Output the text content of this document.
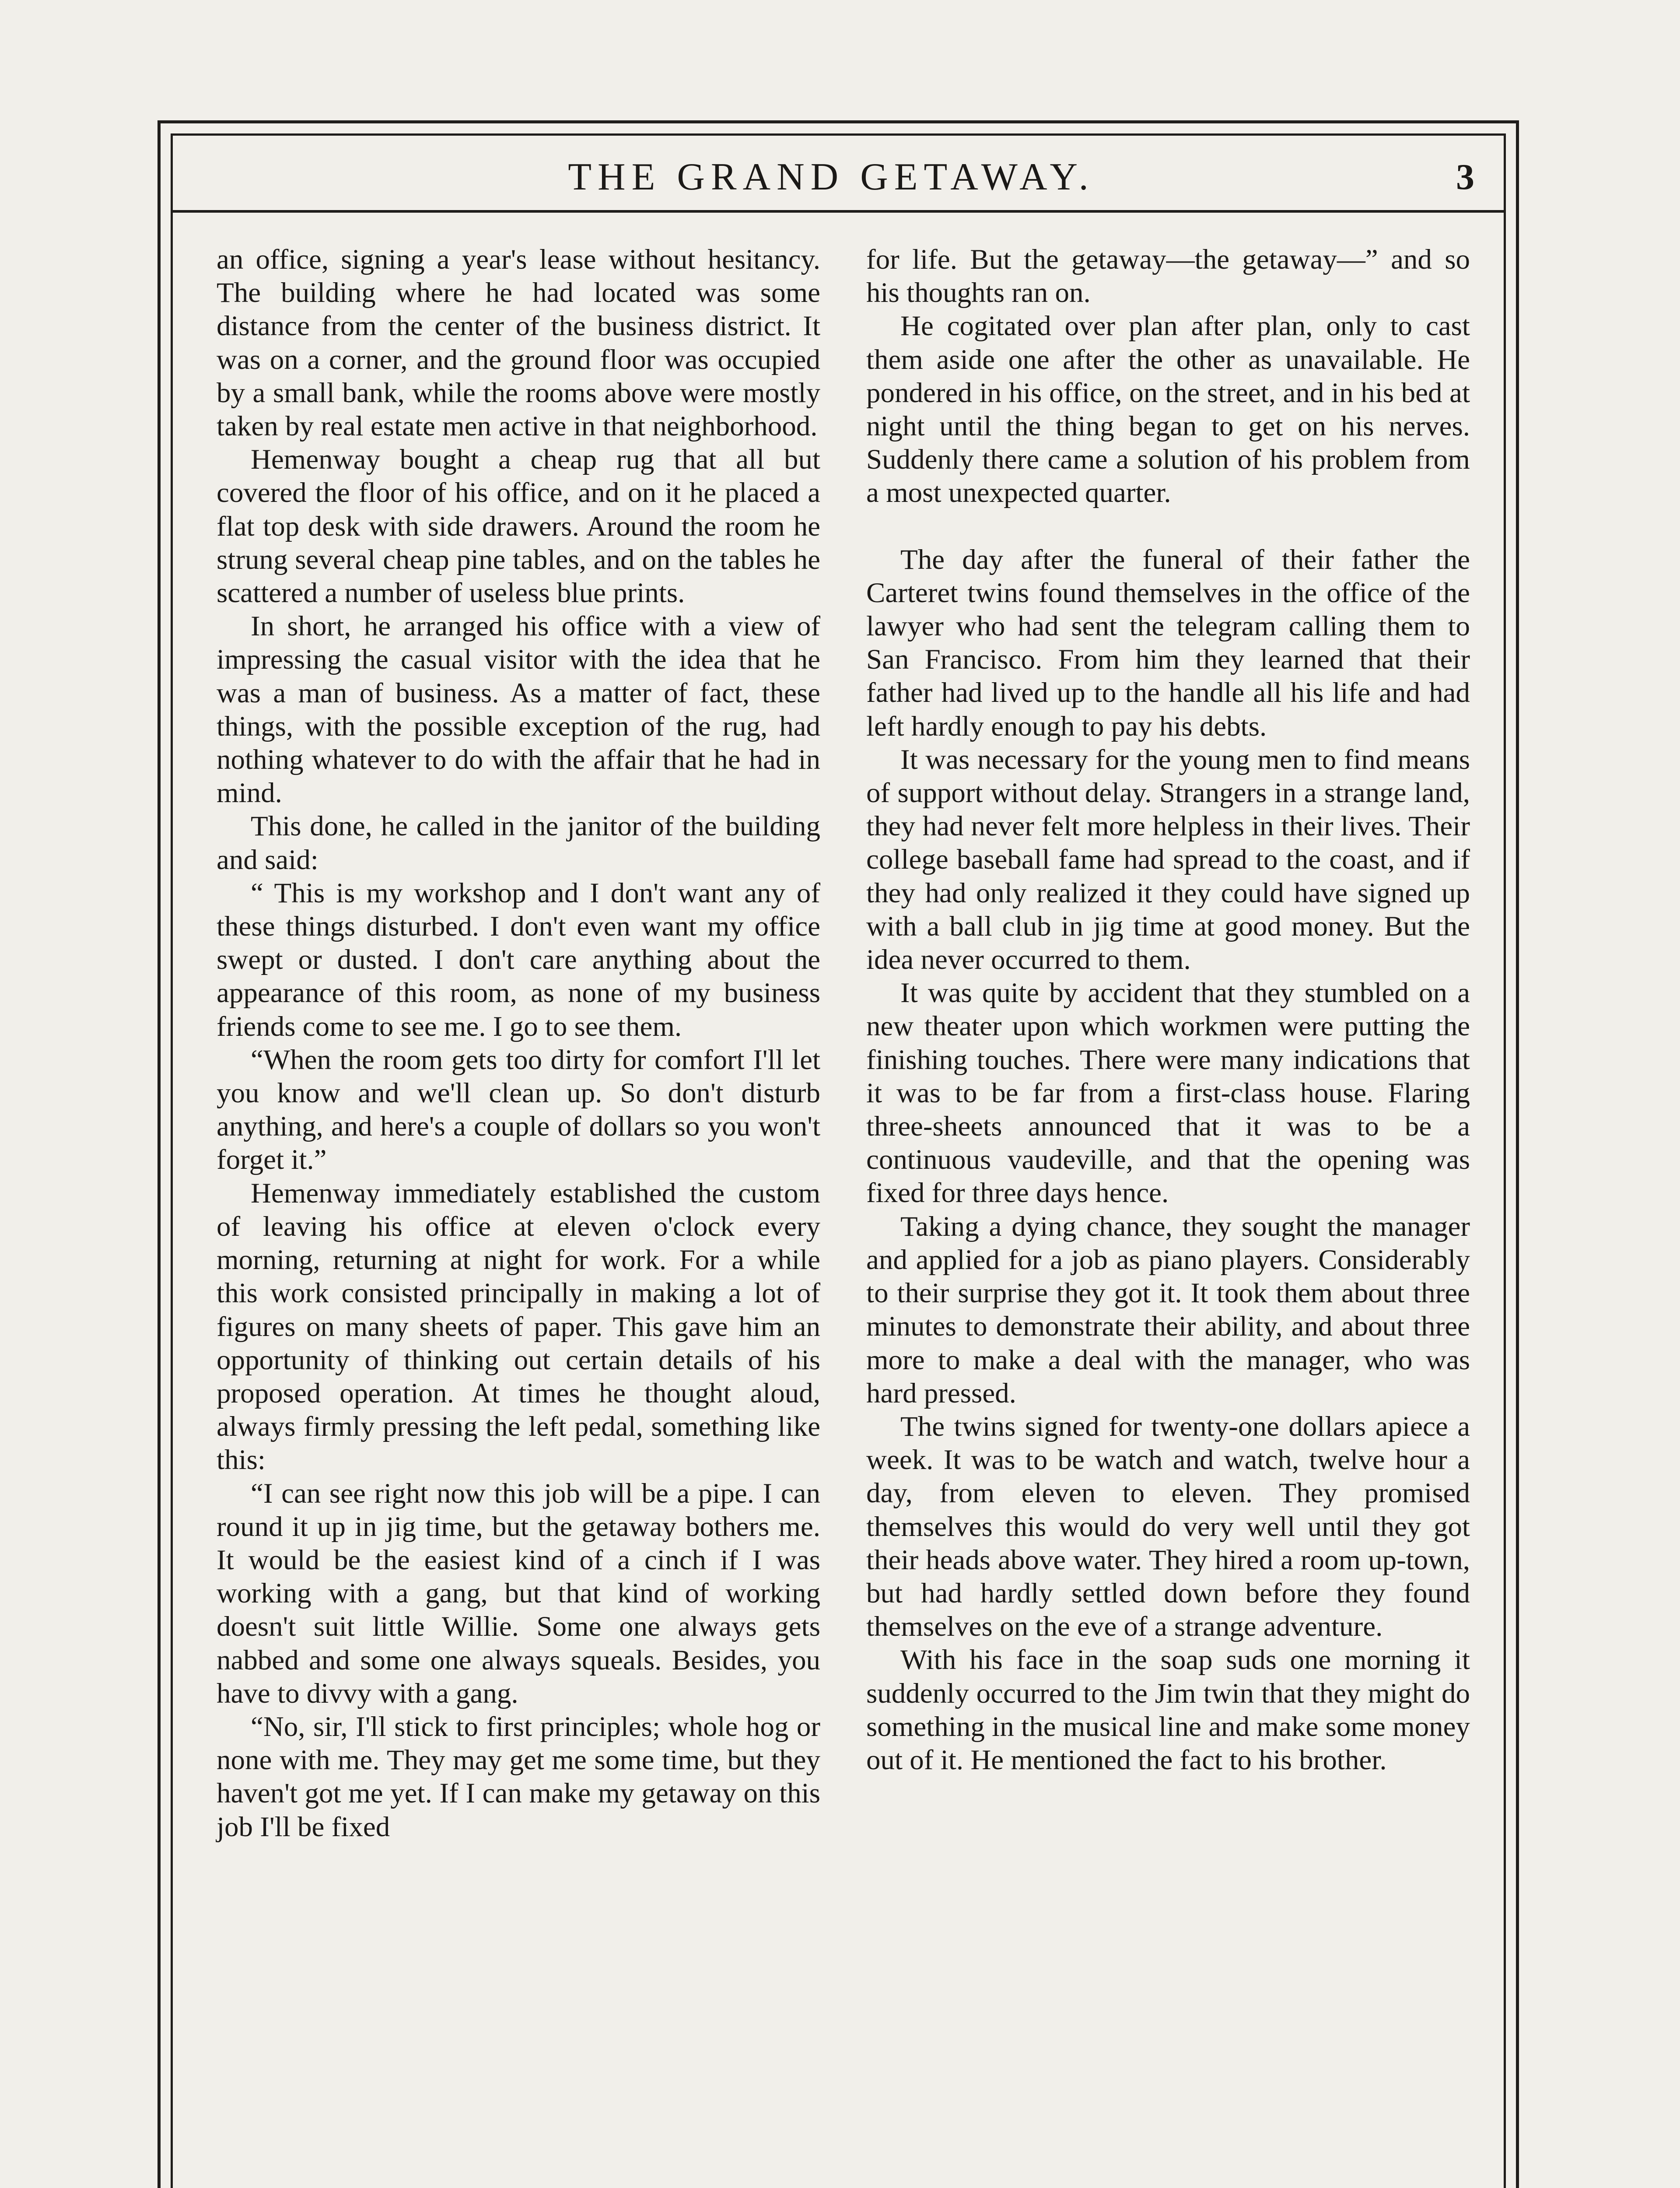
THE GRAND GETAWAY.	3

an office, signing a year's lease without hesitancy. The building where he had located was some distance from the center of the business district. It was on a corner, and the ground floor was occupied by a small bank, while the rooms above were mostly taken by real estate men active in that neighborhood.

Hemenway bought a cheap rug that all but covered the floor of his office, and on it he placed a flat top desk with side drawers. Around the room he strung several cheap pine tables, and on the tables he scattered a number of useless blue prints.

In short, he arranged his office with a view of impressing the casual visitor with the idea that he was a man of business. As a matter of fact, these things, with the possible exception of the rug, had nothing whatever to do with the affair that he had in mind.

This done, he called in the janitor of the building and said:

“ This is my workshop and I don't want any of these things disturbed. I don't even want my office swept or dusted. I don't care anything about the appearance of this room, as none of my business friends come to see me. I go to see them.

“When the room gets too dirty for comfort I'll let you know and we'll clean up. So don't disturb anything, and here's a couple of dollars so you won't forget it.”

Hemenway immediately established the custom of leaving his office at eleven o'clock every morning, returning at night for work. For a while this work consisted principally in making a lot of figures on many sheets of paper. This gave him an opportunity of thinking out certain details of his proposed operation. At times he thought aloud, always firmly pressing the left pedal, something like this:

“I can see right now this job will be a pipe. I can round it up in jig time, but the getaway bothers me. It would be the easiest kind of a cinch if I was working with a gang, but that kind of working doesn't suit little Willie. Some one always gets nabbed and some one always squeals. Besides, you have to divvy with a gang.

“No, sir, I'll stick to first principles; whole hog or none with me. They may get me some time, but they haven't got me yet. If I can make my getaway on this job I'll be fixed

for life. But the getaway—the getaway—” and so his thoughts ran on.

He cogitated over plan after plan, only to cast them aside one after the other as unavailable. He pondered in his office, on the street, and in his bed at night until the thing began to get on his nerves. Suddenly there came a solution of his problem from a most unexpected quarter.

The day after the funeral of their father the Carteret twins found themselves in the office of the lawyer who had sent the telegram calling them to San Francisco. From him they learned that their father had lived up to the handle all his life and had left hardly enough to pay his debts.

It was necessary for the young men to find means of support without delay. Strangers in a strange land, they had never felt more helpless in their lives. Their college baseball fame had spread to the coast, and if they had only realized it they could have signed up with a ball club in jig time at good money. But the idea never occurred to them.

It was quite by accident that they stumbled on a new theater upon which workmen were putting the finishing touches. There were many indications that it was to be far from a first-class house. Flaring three-sheets announced that it was to be a continuous vaudeville, and that the opening was fixed for three days hence.

Taking a dying chance, they sought the manager and applied for a job as piano players. Considerably to their surprise they got it. It took them about three minutes to demonstrate their ability, and about three more to make a deal with the manager, who was hard pressed.

The twins signed for twenty-one dollars apiece a week. It was to be watch and watch, twelve hour a day, from eleven to eleven. They promised themselves this would do very well until they got their heads above water. They hired a room up-town, but had hardly settled down before they found themselves on the eve of a strange adventure.

With his face in the soap suds one morning it suddenly occurred to the Jim twin that they might do something in the musical line and make some money out of it. He mentioned the fact to his brother.
